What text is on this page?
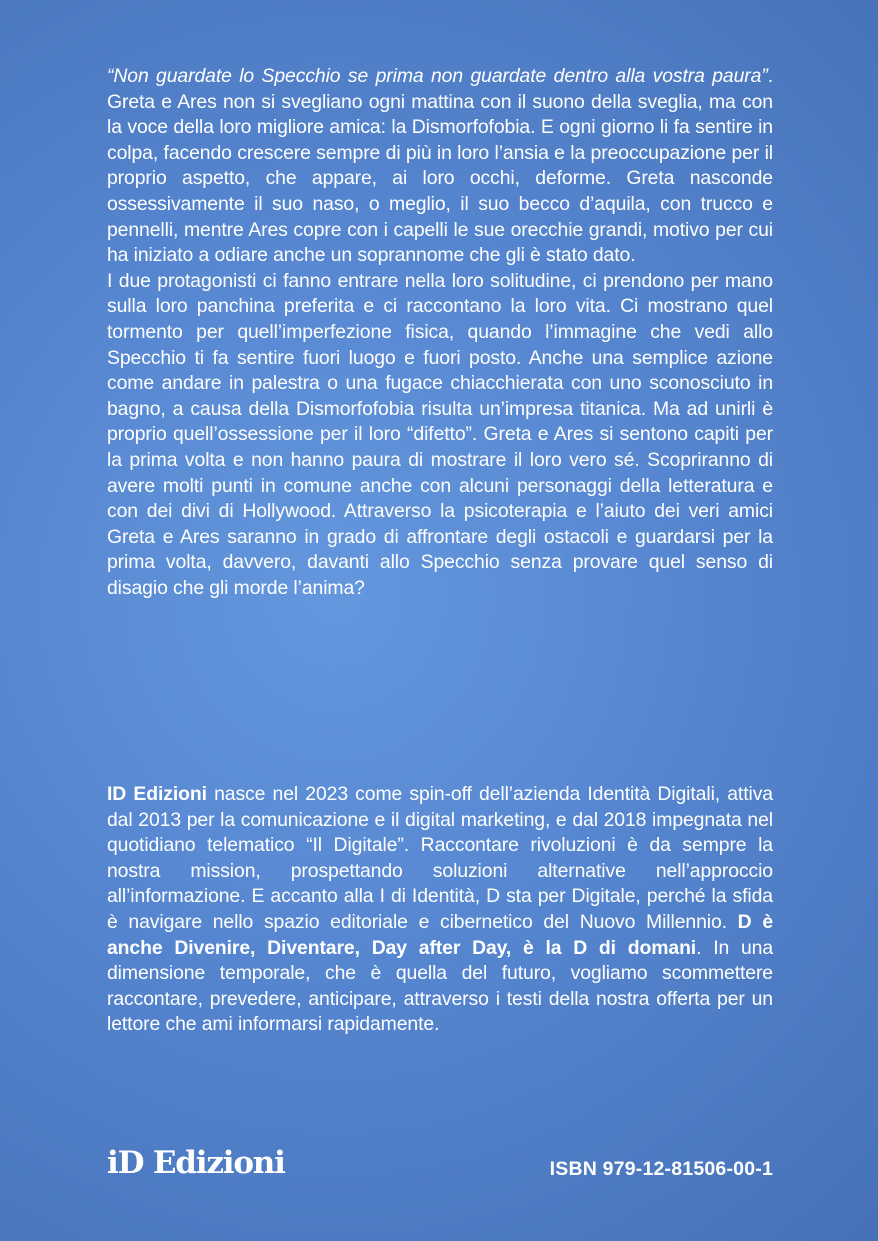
“Non guardate lo Specchio se prima non guardate dentro alla vostra paura”. Greta e Ares non si svegliano ogni mattina con il suono della sveglia, ma con la voce della loro migliore amica: la Dismorfofobia. E ogni giorno li fa sentire in colpa, facendo crescere sempre di più in loro l’ansia e la preoccupazione per il proprio aspetto, che appare, ai loro occhi, deforme. Greta nasconde ossessivamente il suo naso, o meglio, il suo becco d’aquila, con trucco e pennelli, mentre Ares copre con i capelli le sue orecchie grandi, motivo per cui ha iniziato a odiare anche un soprannome che gli è stato dato.

I due protagonisti ci fanno entrare nella loro solitudine, ci prendono per mano sulla loro panchina preferita e ci raccontano la loro vita. Ci mostrano quel tormento per quell’imperfezione fisica, quando l’immagine che vedi allo Specchio ti fa sentire fuori luogo e fuori posto. Anche una semplice azione come andare in palestra o una fugace chiacchierata con uno sconosciuto in bagno, a causa della Dismorfofobia risulta un’impresa titanica. Ma ad unirli è proprio quell’ossessione per il loro “difetto”. Greta e Ares si sentono capiti per la prima volta e non hanno paura di mostrare il loro vero sé. Scopriranno di avere molti punti in comune anche con alcuni personaggi della letteratura e con dei divi di Hollywood. Attraverso la psicoterapia e l’aiuto dei veri amici Greta e Ares saranno in grado di affrontare degli ostacoli e guardarsi per la prima volta, davvero, davanti allo Specchio senza provare quel senso di disagio che gli morde l’anima?

ID Edizioni nasce nel 2023 come spin-off dell’azienda Identità Digitali, attiva dal 2013 per la comunicazione e il digital marketing, e dal 2018 impegnata nel quotidiano telematico “Il Digitale”. Raccontare rivoluzioni è da sempre la nostra mission, prospettando soluzioni alternative nell’approccio all’informazione. E accanto alla I di Identità, D sta per Digitale, perché la sfida è navigare nello spazio editoriale e cibernetico del Nuovo Millennio. D è anche Divenire, Diventare, Day after Day, è la D di domani. In una dimensione temporale, che è quella del futuro, vogliamo scommettere raccontare, prevedere, anticipare, attraverso i testi della nostra offerta per un lettore che ami informarsi rapidamente.

iD Edizioni	ISBN 979-12-81506-00-1
